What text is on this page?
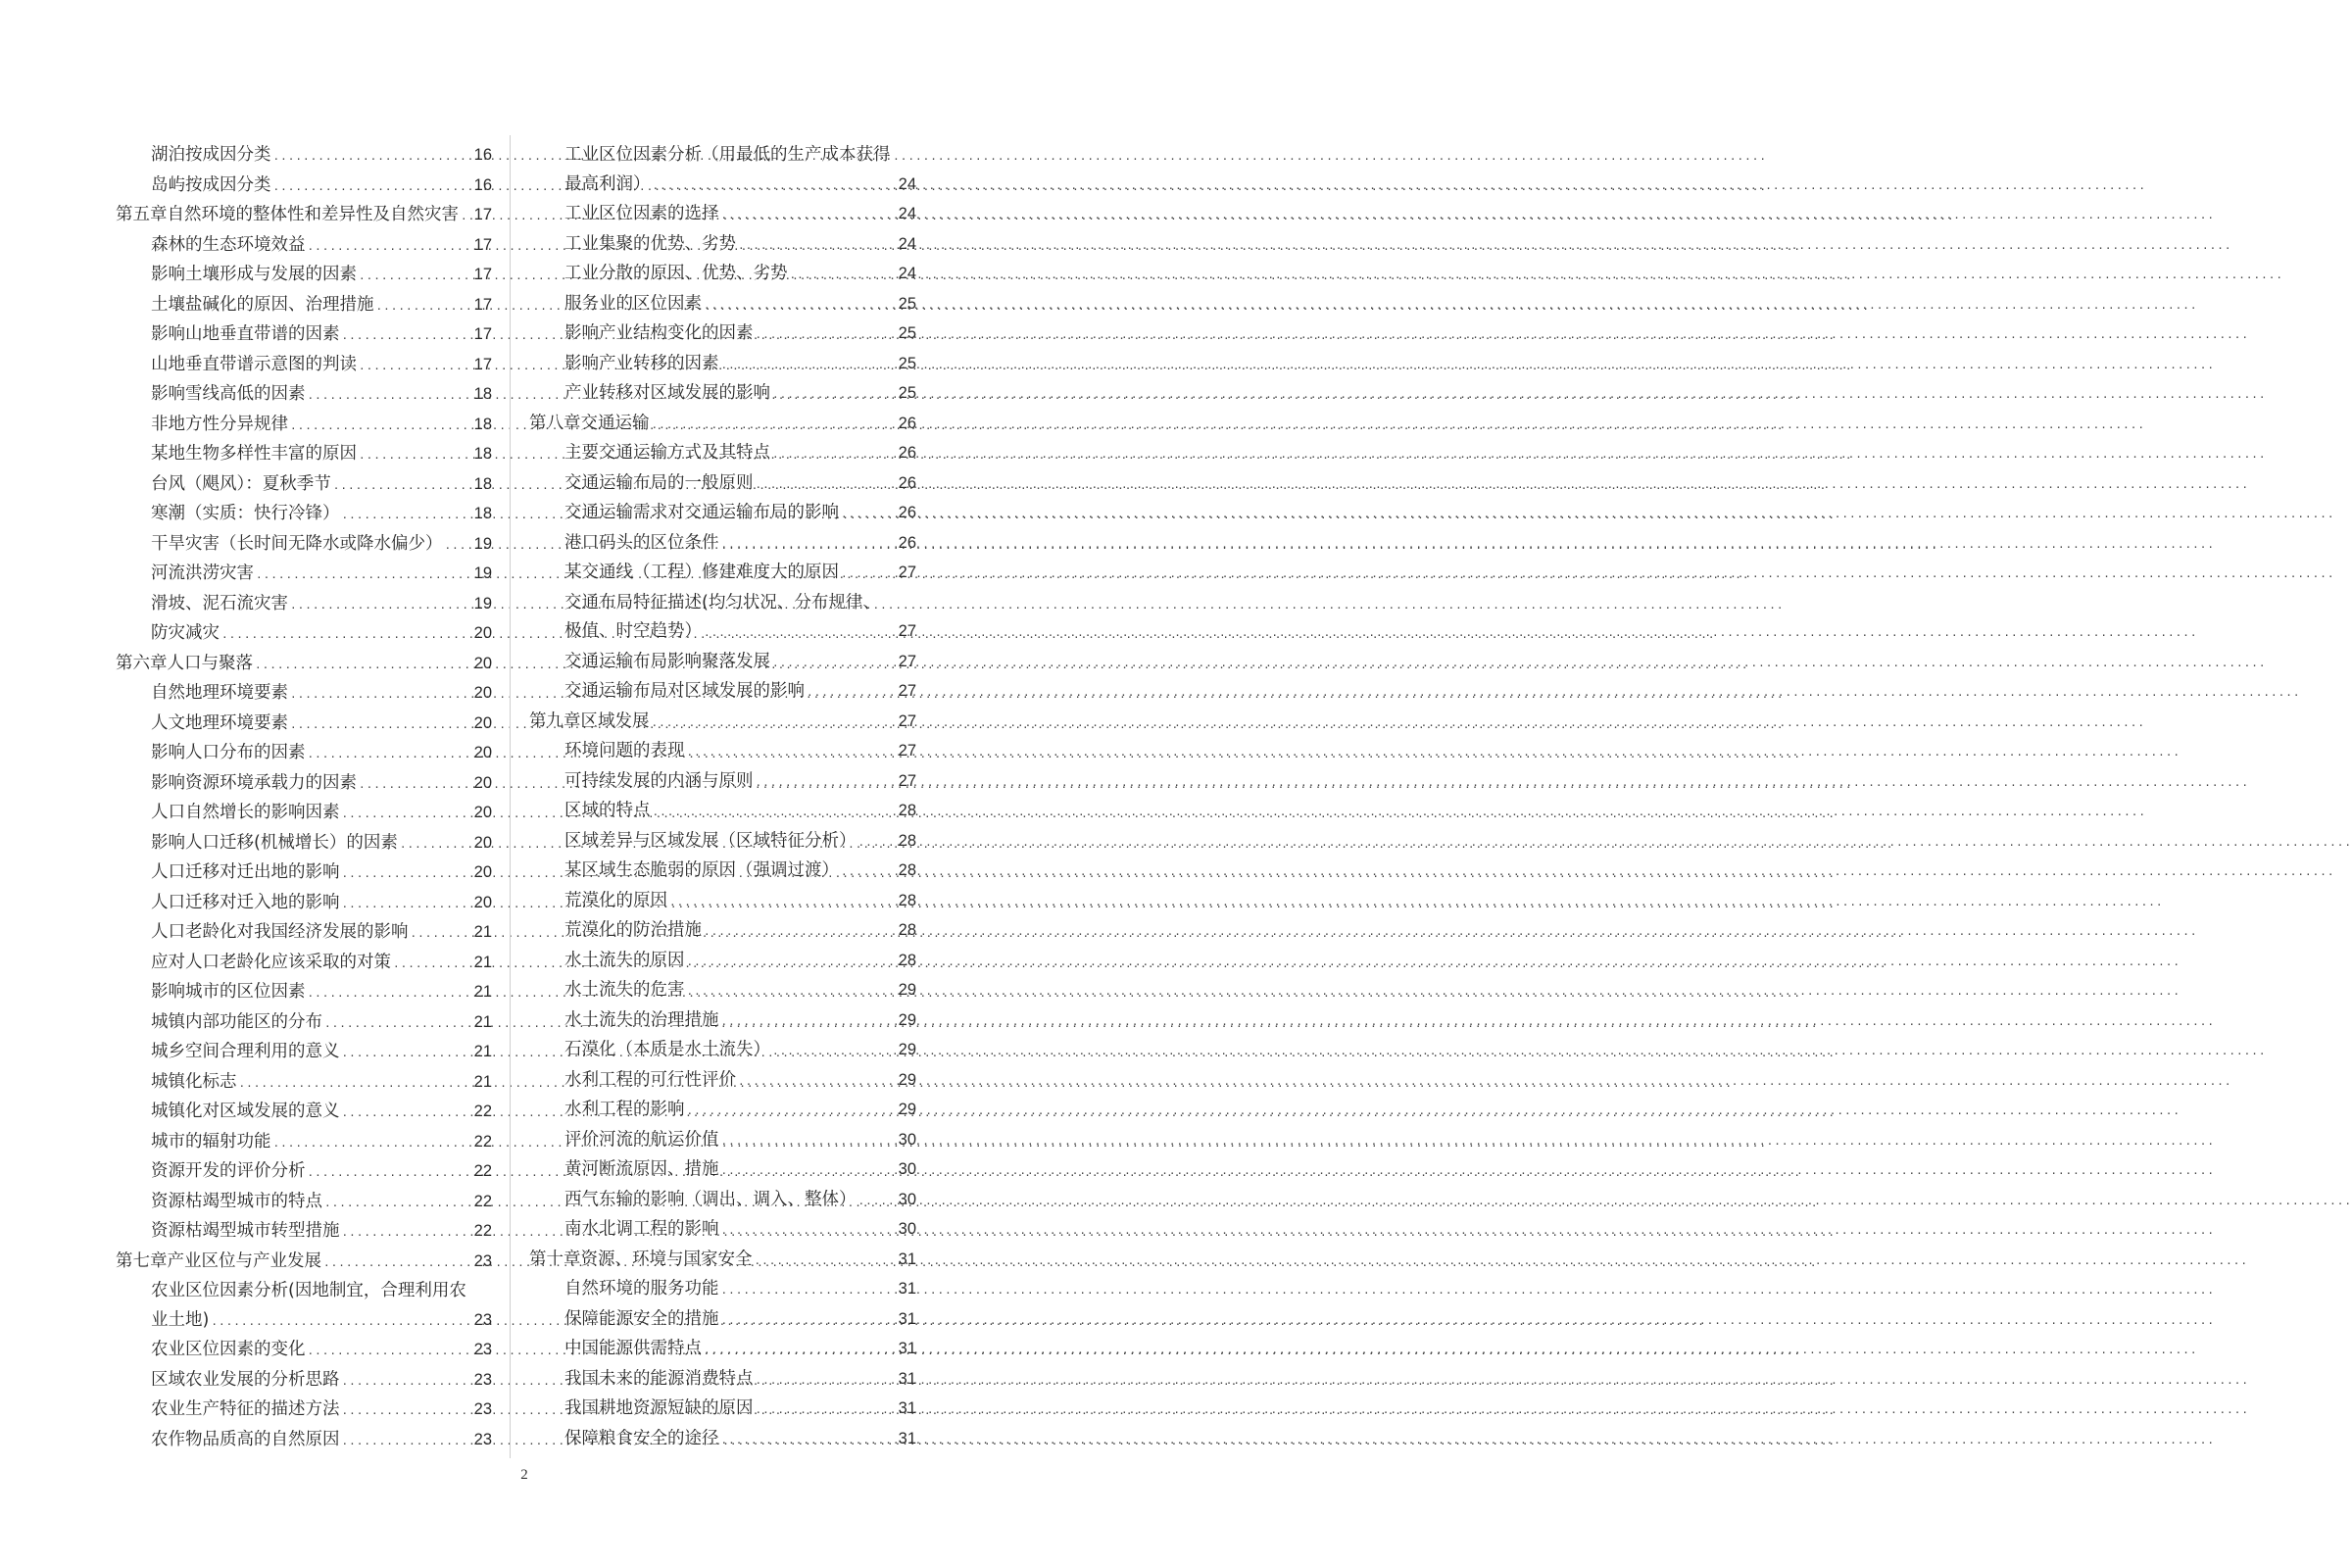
湖泊按成因分类 .....	16
岛屿按成因分类 .....	16
第五章自然环境的整体性和差异性及自然灾害 ..... 17
森林的生态环境效益 .....	17
影响土壤形成与发展的因素 .....	17
土壤盐碱化的原因、治理措施 .....	17
影响山地垂直带谱的因素 .....	17
山地垂直带谱示意图的判读 .....	17
影响雪线高低的因素 .....	18
非地方性分异规律 .....	18
某地生物多样性丰富的原因 .....	18
台风（飓风）：夏秋季节 .....	18
寒潮（实质：快行冷锋） .....	18
干旱灾害（长时间无降水或降水偏少） ..... 19
河流洪涝灾害 .....	19
滑坡、泥石流灾害 .....	19
防灾减灾 .....	20
第六章人口与聚落 .....	20
自然地理环境要素 .....	20
人文地理环境要素 .....	20
影响人口分布的因素 .....	20
影响资源环境承载力的因素 .....	20
人口自然增长的影响因素 .....	20
影响人口迁移(机械增长）的因素 .....	20
人口迁移对迁出地的影响 .....	20
人口迁移对迁入地的影响 .....	20
人口老龄化对我国经济发展的影响 .....	21
应对人口老龄化应该采取的对策 .....	21
影响城市的区位因素 .....	21
城镇内部功能区的分布 .....	21
城乡空间合理利用的意义 .....	21
城镇化标志 .....	21
城镇化对区域发展的意义 .....	22
城市的辐射功能 .....	22
资源开发的评价分析 .....	22
资源枯竭型城市的特点 .....	22
资源枯竭型城市转型措施 .....	22
第七章产业区位与产业发展 .....	23
农业区位因素分析(因地制宜，合理利用农
业土地) .....	23
农业区位因素的变化 .....	23
区域农业发展的分析思路 .....	23
农业生产特征的描述方法 .....	23
农作物品质高的自然原因 .....	23
工业区位因素分析（用最低的生产成本获得
最高利润） .....	24
工业区位因素的选择 .....	24
工业集聚的优势、劣势 .....	24
工业分散的原因、优势、劣势 .....	24
服务业的区位因素 .....	25
影响产业结构变化的因素 .....	25
影响产业转移的因素 .....	25
产业转移对区域发展的影响 .....	25
第八章交通运输 .....	26
主要交通运输方式及其特点 .....	26
交通运输布局的一般原则 .....	26
交通运输需求对交通运输布局的影响 .....	26
港口码头的区位条件 .....	26
某交通线（工程）修建难度大的原因 .....	27
交通布局特征描述(均匀状况、分布规律、
极值、时空趋势） .....	27
交通运输布局影响聚落发展 .....	27
交通运输布局对区域发展的影响 .....	27
第九章区域发展 .....	27
环境问题的表现 .....	27
可持续发展的内涵与原则 .....	27
区域的特点 .....	28
区域差异与区域发展（区域特征分析） .....	28
某区域生态脆弱的原因（强调过渡） .....	28
荒漠化的原因 .....	28
荒漠化的防治措施 .....	28
水土流失的原因 .....	28
水土流失的危害 .....	29
水土流失的治理措施 .....	29
石漠化（本质是水土流失） .....	29
水利工程的可行性评价 .....	29
水利工程的影响 .....	29
评价河流的航运价值 .....	30
黄河断流原因、措施 .....	30
西气东输的影响（调出、调入、整体） .....	30
南水北调工程的影响 .....	30
第十章资源、环境与国家安全 .....	31
自然环境的服务功能 .....	31
保障能源安全的措施 .....	31
中国能源供需特点 .....	31
我国未来的能源消费特点 .....	31
我国耕地资源短缺的原因 .....	31
保障粮食安全的途径 .....	31
2
